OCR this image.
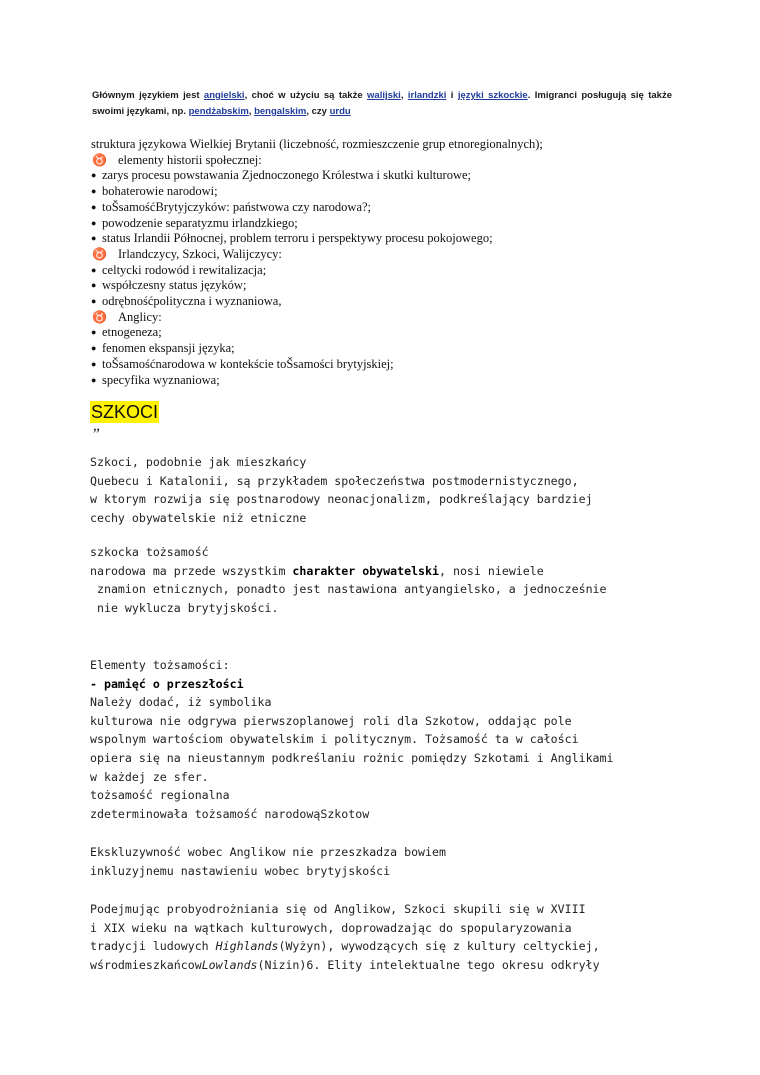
Głównym językiem jest angielski, choć w użyciu są także walijski, irlandzki i języki szkockie. Imigranci posługują się także swoimi językami, np. pendżabskim, bengalskim, czy urdu
struktura językowa Wielkiej Brytanii (liczebność, rozmieszczenie grup etnoregionalnych);
♉ elementy historii społecznej:
● zarys procesu powstawania Zjednoczonego Królestwa i skutki kulturowe;
● bohaterowie narodowi;
● toŠsamośćBrytyjczyków: państwowa czy narodowa?;
● powodzenie separatyzmu irlandzkiego;
● status Irlandii Północnej, problem terroru i perspektywy procesu pokojowego;
♉ Irlandczycy, Szkoci, Walijczycy:
● celtycki rodowód i rewitalizacja;
● współczesny status języków;
● odrębnośćpolityczna i wyznaniowa,
♉ Anglicy:
● etnogeneza;
● fenomen ekspansji języka;
● toŠsamośćnarodowa w kontekście toŠsamości brytyjskiej;
● specyfika wyznaniowa;
SZKOCI
”
Szkoci, podobnie jak mieszkańcy
Quebecu i Katalonii, są przykładem społeczeństwa postmodernistycznego,
w ktorym rozwija się postnarodowy neonacjonalizm, podkreślający bardziej
cechy obywatelskie niż etniczne
szkocka tożsamość
narodowa ma przede wszystkim charakter obywatelski, nosi niewiele
znamion etnicznych, ponadto jest nastawiona antyangielsko, a jednocześnie
nie wyklucza brytyjskości.
Elementy tożsamości:
- pamięć o przeszłości
Należy dodać, iż symbolika
kulturowa nie odgrywa pierwszoplanowej roli dla Szkotow, oddając pole
wspolnym wartościom obywatelskim i politycznym. Tożsamość ta w całości
opiera się na nieustannym podkreślaniu rożnic pomiędzy Szkotami i Anglikami
w każdej ze sfer.
tożsamość regionalna
zdeterminowała tożsamość narodowąSzkotow
Ekskluzywność wobec Anglikow nie przeszkadza bowiem
inkluzyjnemu nastawieniu wobec brytyjskości
Podejmując probyodrożniania się od Anglikow, Szkoci skupili się w XVIII
i XIX wieku na wątkach kulturowych, doprowadzając do spopularyzowania
tradycji ludowych Highlands(Wyżyn), wywodzących się z kultury celtyckiej,
wśrodmieszkańcowLowlands(Nizin)6. Elity intelektualne tego okresu odkryły
